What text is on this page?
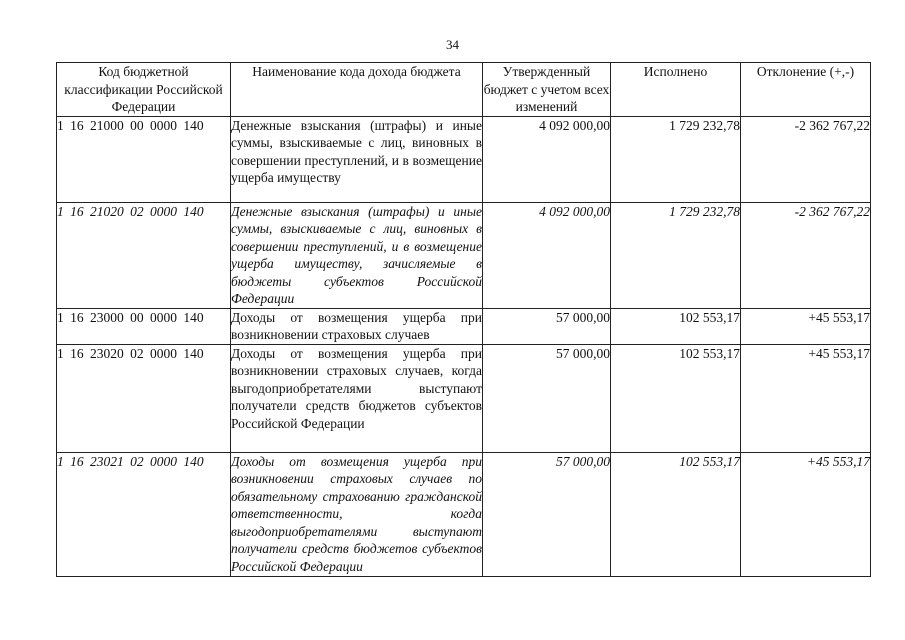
34
Код бюджетной классификации Российской Федерации	Наименование кода дохода бюджета	Утвержденный бюджет с учетом всех изменений	Исполнено	Отклонение (+,-)
1 16 21000 00 0000 140	Денежные взыскания (штрафы) и иные суммы, взыскиваемые с лиц, виновных в совершении преступлений, и в возмещение ущерба имуществу	4 092 000,00	1 729 232,78	-2 362 767,22
1 16 21020 02 0000 140	Денежные взыскания (штрафы) и иные суммы, взыскиваемые с лиц, виновных в совершении преступлений, и в возмещение ущерба имуществу, зачисляемые в бюджеты субъектов Российской Федерации	4 092 000,00	1 729 232,78	-2 362 767,22
1 16 23000 00 0000 140	Доходы от возмещения ущерба при возникновении страховых случаев	57 000,00	102 553,17	+45 553,17
1 16 23020 02 0000 140	Доходы от возмещения ущерба при возникновении страховых случаев, когда выгодоприобретателями выступают получатели средств бюджетов субъектов Российской Федерации	57 000,00	102 553,17	+45 553,17
1 16 23021 02 0000 140	Доходы от возмещения ущерба при возникновении страховых случаев по обязательному страхованию гражданской ответственности, когда выгодоприобретателями выступают получатели средств бюджетов субъектов Российской Федерации	57 000,00	102 553,17	+45 553,17
